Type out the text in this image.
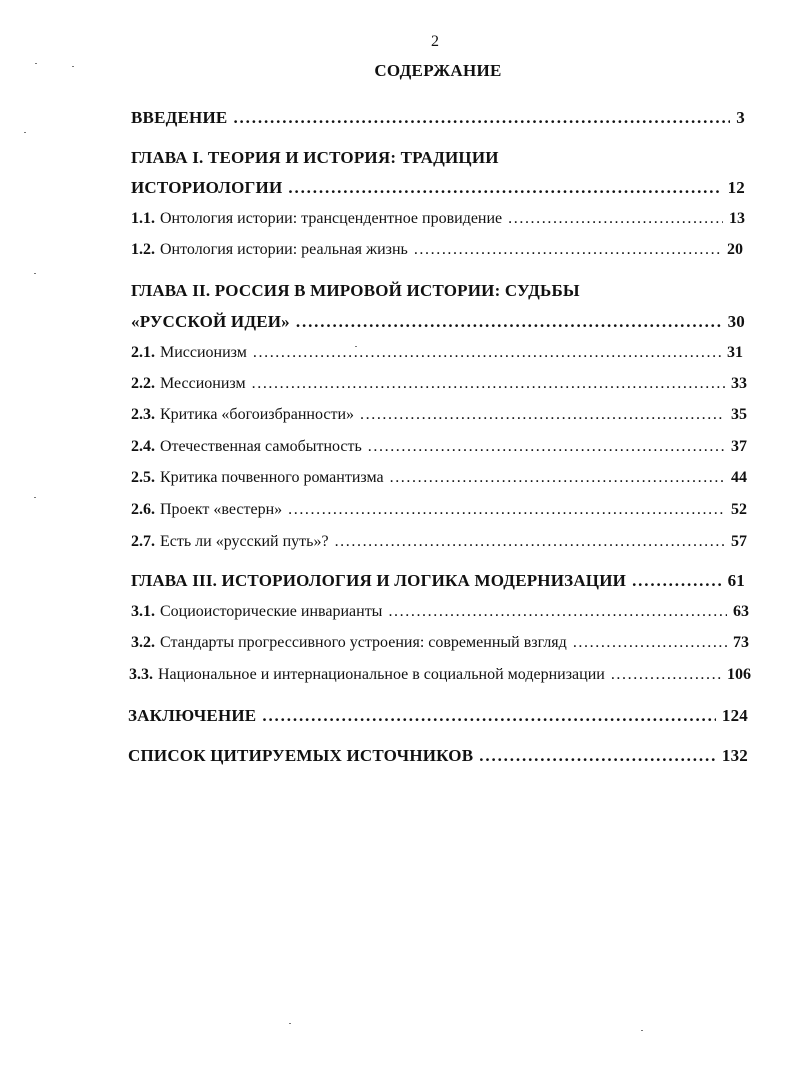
2
СОДЕРЖАНИЕ
ВВЕДЕНИЕ . . .	3
ГЛАВА I. ТЕОРИЯ И ИСТОРИЯ: ТРАДИЦИИ
ИСТОРИОЛОГИИ . . .	12
1.1. Онтология истории: трансцендентное провидение . . .	13
1.2. Онтология истории: реальная жизнь . . .	20
ГЛАВА II. РОССИЯ В МИРОВОЙ ИСТОРИИ: СУДЬБЫ
«РУССКОЙ ИДЕИ» . . .	30
2.1. Миссионизм . . .	31
2.2. Мессионизм . . .	33
2.3. Критика «богоизбранности» . . .	35
2.4. Отечественная самобытность . . .	37
2.5. Критика почвенного романтизма . . .	44
2.6. Проект «вестерн» . . .	52
2.7. Есть ли «русский путь»? . . .	57
ГЛАВА III. ИСТОРИОЛОГИЯ И ЛОГИКА МОДЕРНИЗАЦИИ . . .	61
3.1. Социоисторические инварианты . . .	63
3.2. Стандарты прогрессивного устроения: современный взгляд . . .	73
3.3. Национальное и интернациональное в социальной модернизации . . .	106
ЗАКЛЮЧЕНИЕ . . .	124
СПИСОК ЦИТИРУЕМЫХ ИСТОЧНИКОВ . . .	132
